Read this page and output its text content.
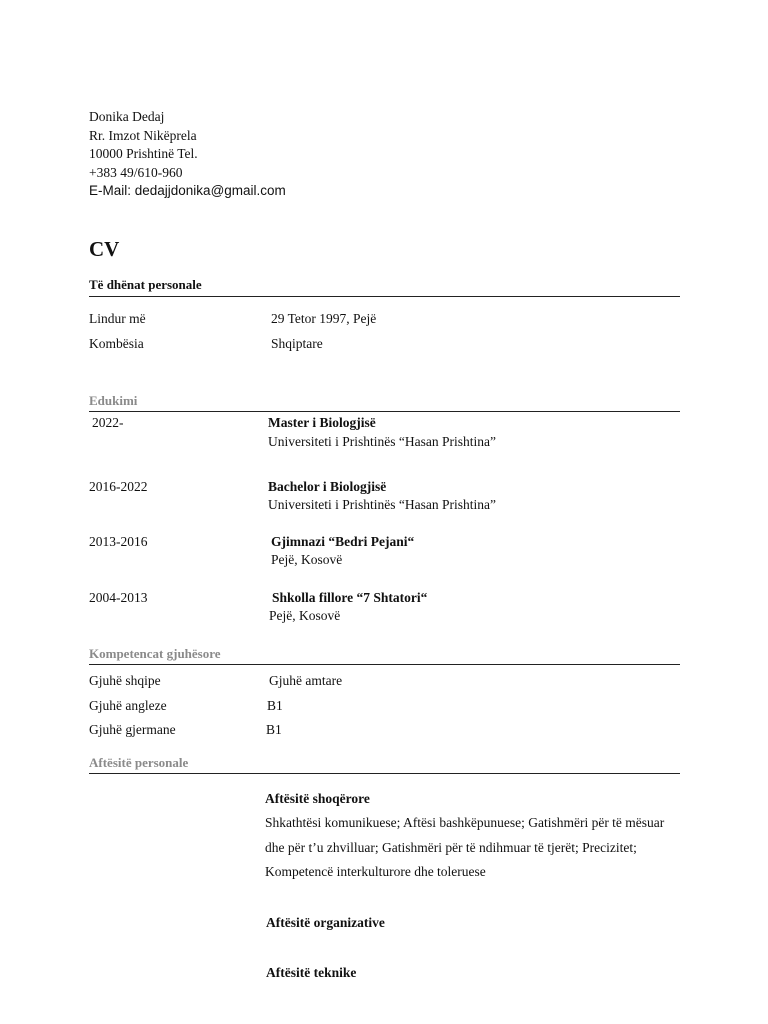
Donika Dedaj
Rr. Imzot Nikëprela
10000 Prishtinë Tel.
+383 49/610-960
E-Mail: dedajjdonika@gmail.com
CV
Të dhënat personale
Lindur më	29 Tetor 1997, Pejë
Kombësia	Shqiptare
Edukimi
2022-	Master i Biologjisë
Universiteti i Prishtinës “Hasan Prishtina”
2016-2022	Bachelor i Biologjisë
Universiteti i Prishtinës “Hasan Prishtina”
2013-2016	Gjimnazi “Bedri Pejani“
Pejë, Kosovë
2004-2013	Shkolla fillore “7 Shtatori“
Pejë, Kosovë
Kompetencat gjuhësore
Gjuhë shqipe	Gjuhë amtare
Gjuhë angleze	B1
Gjuhë gjermane	B1
Aftësitë personale
Aftësitë shoqërore
Shkathtësi komunikuese; Aftësi bashkëpunuese; Gatishmëri për të mësuar
dhe për t’u zhvilluar; Gatishmëri për të ndihmuar të tjerët; Precizitet;
Kompetencë interkulturore dhe toleruese
Aftësitë organizative
Aftësitë teknike
